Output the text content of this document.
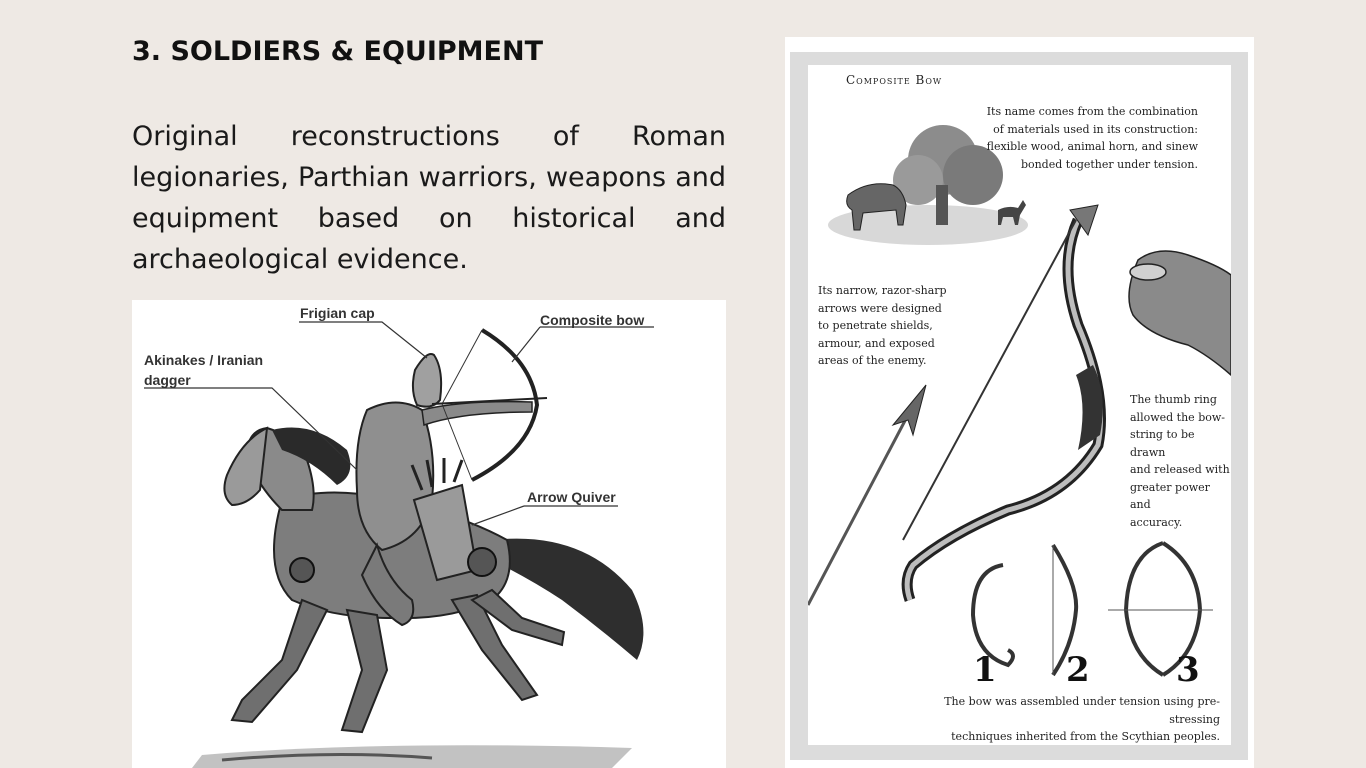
3. SOLDIERS & EQUIPMENT

Original reconstructions of Roman legionaries, Parthian warriors, weapons and equipment based on historical and archaeological evidence.

Frigian cap	Composite bow
Akinakes / Iranian
dagger
Arrow Quiver
Composite Bow
Its name comes from the combination
of materials used in its construction:
flexible wood, animal horn, and sinew
bonded together under tension.
Its narrow, razor-sharp
arrows were designed
to penetrate shields,
armour, and exposed
areas of the enemy.
The thumb ring
allowed the bow-
string to be drawn
and released with
greater power and
accuracy.
1 2	3
The bow was assembled under tension using pre-stressing
techniques inherited from the Scythian peoples.
